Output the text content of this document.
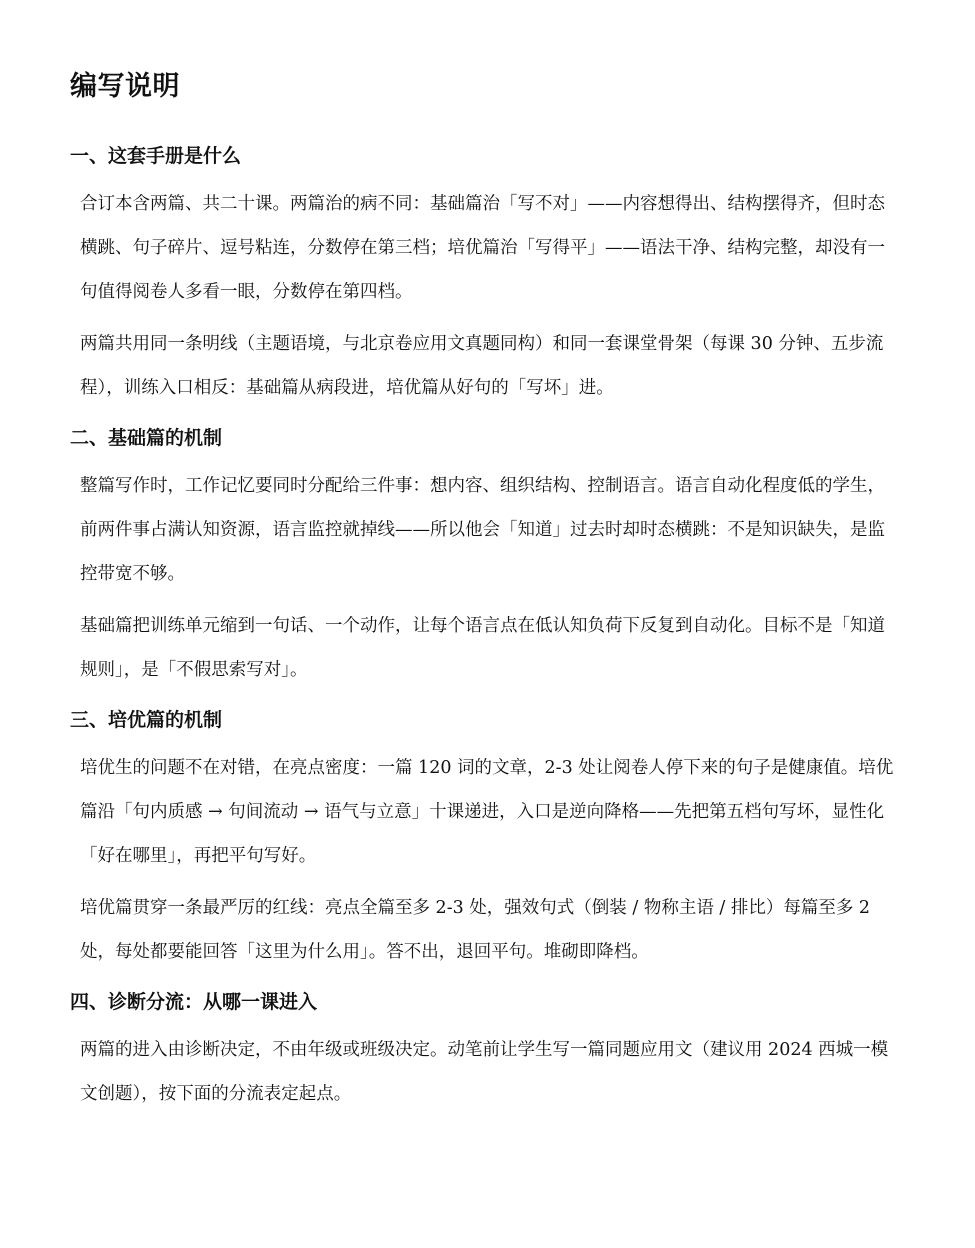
编写说明
一、这套手册是什么

合订本含两篇、共二十课。两篇治的病不同：基础篇治「写不对」——内容想得出、结构摆得齐，但时态横跳、句子碎片、逗号粘连，分数停在第三档；培优篇治「写得平」——语法干净、结构完整，却没有一句值得阅卷人多看一眼，分数停在第四档。

两篇共用同一条明线（主题语境，与北京卷应用文真题同构）和同一套课堂骨架（每课 30 分钟、五步流程），训练入口相反：基础篇从病段进，培优篇从好句的「写坏」进。

二、基础篇的机制

整篇写作时，工作记忆要同时分配给三件事：想内容、组织结构、控制语言。语言自动化程度低的学生，前两件事占满认知资源，语言监控就掉线——所以他会「知道」过去时却时态横跳：不是知识缺失，是监控带宽不够。

基础篇把训练单元缩到一句话、一个动作，让每个语言点在低认知负荷下反复到自动化。目标不是「知道规则」，是「不假思索写对」。

三、培优篇的机制

培优生的问题不在对错，在亮点密度：一篇 120 词的文章，2-3 处让阅卷人停下来的句子是健康值。培优篇沿「句内质感 → 句间流动 → 语气与立意」十课递进，入口是逆向降格——先把第五档句写坏，显性化「好在哪里」，再把平句写好。

培优篇贯穿一条最严厉的红线：亮点全篇至多 2-3 处，强效句式（倒装 / 物称主语 / 排比）每篇至多 2 处，每处都要能回答「这里为什么用」。答不出，退回平句。堆砌即降档。

四、诊断分流：从哪一课进入

两篇的进入由诊断决定，不由年级或班级决定。动笔前让学生写一篇同题应用文（建议用 2024 西城一模文创题），按下面的分流表定起点。
